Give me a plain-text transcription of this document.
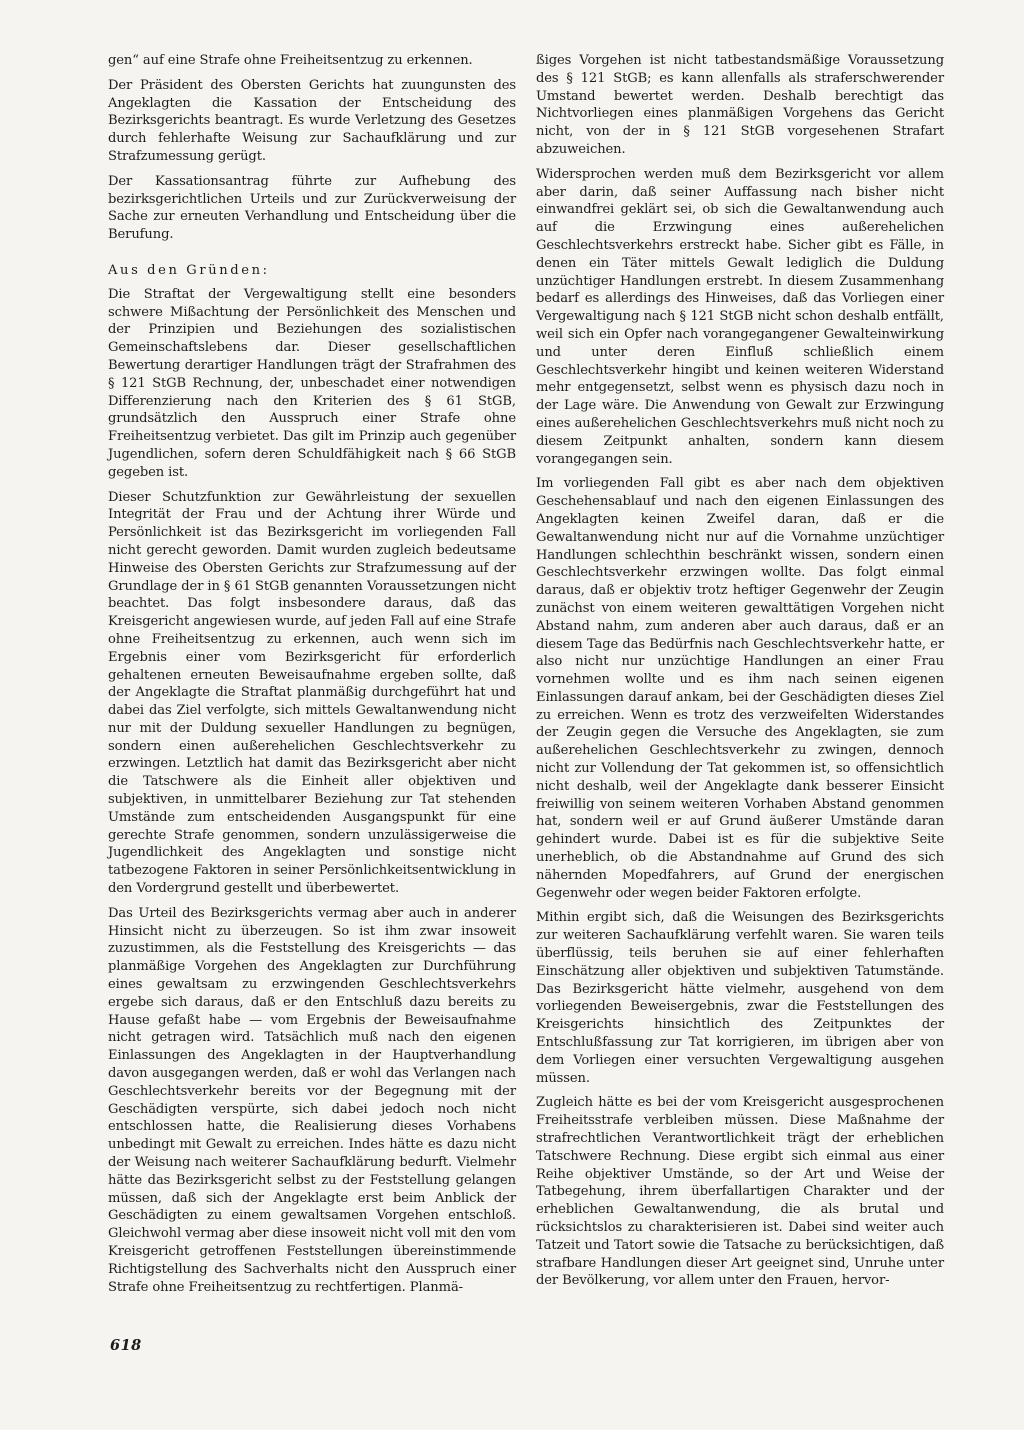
gen“ auf eine Strafe ohne Freiheitsentzug zu erkennen.

Der Präsident des Obersten Gerichts hat zuungunsten des Angeklagten die Kassation der Entscheidung des Bezirksgerichts beantragt. Es wurde Verletzung des Gesetzes durch fehlerhafte Weisung zur Sachaufklärung und zur Strafzumessung gerügt.

Der Kassationsantrag führte zur Aufhebung des bezirksgerichtlichen Urteils und zur Zurückverweisung der Sache zur erneuten Verhandlung und Entscheidung über die Berufung.

Aus den Gründen:

Die Straftat der Vergewaltigung stellt eine besonders schwere Mißachtung der Persönlichkeit des Menschen und der Prinzipien und Beziehungen des sozialistischen Gemeinschaftslebens dar. Dieser gesellschaftlichen Bewertung derartiger Handlungen trägt der Strafrahmen des § 121 StGB Rechnung, der, unbeschadet einer notwendigen Differenzierung nach den Kriterien des § 61 StGB, grundsätzlich den Ausspruch einer Strafe ohne Freiheitsentzug verbietet. Das gilt im Prinzip auch gegenüber Jugendlichen, sofern deren Schuldfähigkeit nach § 66 StGB gegeben ist.

Dieser Schutzfunktion zur Gewährleistung der sexuellen Integrität der Frau und der Achtung ihrer Würde und Persönlichkeit ist das Bezirksgericht im vorliegenden Fall nicht gerecht geworden. Damit wurden zugleich bedeutsame Hinweise des Obersten Gerichts zur Strafzumessung auf der Grundlage der in § 61 StGB genannten Voraussetzungen nicht beachtet. Das folgt insbesondere daraus, daß das Kreisgericht angewiesen wurde, auf jeden Fall auf eine Strafe ohne Freiheitsentzug zu erkennen, auch wenn sich im Ergebnis einer vom Bezirksgericht für erforderlich gehaltenen erneuten Beweisaufnahme ergeben sollte, daß der Angeklagte die Straftat planmäßig durchgeführt hat und dabei das Ziel verfolgte, sich mittels Gewaltanwendung nicht nur mit der Duldung sexueller Handlungen zu begnügen, sondern einen außerehelichen Geschlechtsverkehr zu erzwingen. Letztlich hat damit das Bezirksgericht aber nicht die Tatschwere als die Einheit aller objektiven und subjektiven, in unmittelbarer Beziehung zur Tat stehenden Umstände zum entscheidenden Ausgangspunkt für eine gerechte Strafe genommen, sondern unzulässigerweise die Jugendlichkeit des Angeklagten und sonstige nicht tatbezogene Faktoren in seiner Persönlichkeitsentwicklung in den Vordergrund gestellt und überbewertet.

Das Urteil des Bezirksgerichts vermag aber auch in anderer Hinsicht nicht zu überzeugen. So ist ihm zwar insoweit zuzustimmen, als die Feststellung des Kreisgerichts — das planmäßige Vorgehen des Angeklagten zur Durchführung eines gewaltsam zu erzwingenden Geschlechtsverkehrs ergebe sich daraus, daß er den Entschluß dazu bereits zu Hause gefaßt habe — vom Ergebnis der Beweisaufnahme nicht getragen wird. Tatsächlich muß nach den eigenen Einlassungen des Angeklagten in der Hauptverhandlung davon ausgegangen werden, daß er wohl das Verlangen nach Geschlechtsverkehr bereits vor der Begegnung mit der Geschädigten verspürte, sich dabei jedoch noch nicht entschlossen hatte, die Realisierung dieses Vorhabens unbedingt mit Gewalt zu erreichen. Indes hätte es dazu nicht der Weisung nach weiterer Sachaufklärung bedurft. Vielmehr hätte das Bezirksgericht selbst zu der Feststellung gelangen müssen, daß sich der Angeklagte erst beim Anblick der Geschädigten zu einem gewaltsamen Vorgehen entschloß. Gleichwohl vermag aber diese insoweit nicht voll mit den vom Kreisgericht getroffenen Feststellungen übereinstimmende Richtigstellung des Sachverhalts nicht den Ausspruch einer Strafe ohne Freiheitsentzug zu rechtfertigen. Planmä-

ßiges Vorgehen ist nicht tatbestandsmäßige Voraussetzung des § 121 StGB; es kann allenfalls als straferschwerender Umstand bewertet werden. Deshalb berechtigt das Nichtvorliegen eines planmäßigen Vorgehens das Gericht nicht, von der in § 121 StGB vorgesehenen Strafart abzuweichen.

Widersprochen werden muß dem Bezirksgericht vor allem aber darin, daß seiner Auffassung nach bisher nicht einwandfrei geklärt sei, ob sich die Gewaltanwendung auch auf die Erzwingung eines außerehelichen Geschlechtsverkehrs erstreckt habe. Sicher gibt es Fälle, in denen ein Täter mittels Gewalt lediglich die Duldung unzüchtiger Handlungen erstrebt. In diesem Zusammenhang bedarf es allerdings des Hinweises, daß das Vorliegen einer Vergewaltigung nach § 121 StGB nicht schon deshalb entfällt, weil sich ein Opfer nach vorangegangener Gewalteinwirkung und unter deren Einfluß schließlich einem Geschlechtsverkehr hingibt und keinen weiteren Widerstand mehr entgegensetzt, selbst wenn es physisch dazu noch in der Lage wäre. Die Anwendung von Gewalt zur Erzwingung eines außerehelichen Geschlechtsverkehrs muß nicht noch zu diesem Zeitpunkt anhalten, sondern kann diesem vorangegangen sein.

Im vorliegenden Fall gibt es aber nach dem objektiven Geschehensablauf und nach den eigenen Einlassungen des Angeklagten keinen Zweifel daran, daß er die Gewaltanwendung nicht nur auf die Vornahme unzüchtiger Handlungen schlechthin beschränkt wissen, sondern einen Geschlechtsverkehr erzwingen wollte. Das folgt einmal daraus, daß er objektiv trotz heftiger Gegenwehr der Zeugin zunächst von einem weiteren gewalttätigen Vorgehen nicht Abstand nahm, zum anderen aber auch daraus, daß er an diesem Tage das Bedürfnis nach Geschlechtsverkehr hatte, er also nicht nur unzüchtige Handlungen an einer Frau vornehmen wollte und es ihm nach seinen eigenen Einlassungen darauf ankam, bei der Geschädigten dieses Ziel zu erreichen. Wenn es trotz des verzweifelten Widerstandes der Zeugin gegen die Versuche des Angeklagten, sie zum außerehelichen Geschlechtsverkehr zu zwingen, dennoch nicht zur Vollendung der Tat gekommen ist, so offensichtlich nicht deshalb, weil der Angeklagte dank besserer Einsicht freiwillig von seinem weiteren Vorhaben Abstand genommen hat, sondern weil er auf Grund äußerer Umstände daran gehindert wurde. Dabei ist es für die subjektive Seite unerheblich, ob die Abstandnahme auf Grund des sich nähernden Mopedfahrers, auf Grund der energischen Gegenwehr oder wegen beider Faktoren erfolgte.

Mithin ergibt sich, daß die Weisungen des Bezirksgerichts zur weiteren Sachaufklärung verfehlt waren. Sie waren teils überflüssig, teils beruhen sie auf einer fehlerhaften Einschätzung aller objektiven und subjektiven Tatumstände. Das Bezirksgericht hätte vielmehr, ausgehend von dem vorliegenden Beweisergebnis, zwar die Feststellungen des Kreisgerichts hinsichtlich des Zeitpunktes der Entschlußfassung zur Tat korrigieren, im übrigen aber von dem Vorliegen einer versuchten Vergewaltigung ausgehen müssen.

Zugleich hätte es bei der vom Kreisgericht ausgesprochenen Freiheitsstrafe verbleiben müssen. Diese Maßnahme der strafrechtlichen Verantwortlichkeit trägt der erheblichen Tatschwere Rechnung. Diese ergibt sich einmal aus einer Reihe objektiver Umstände, so der Art und Weise der Tatbegehung, ihrem überfallartigen Charakter und der erheblichen Gewaltanwendung, die als brutal und rücksichtslos zu charakterisieren ist. Dabei sind weiter auch Tatzeit und Tatort sowie die Tatsache zu berücksichtigen, daß strafbare Handlungen dieser Art geeignet sind, Unruhe unter der Bevölkerung, vor allem unter den Frauen, hervor-

618
